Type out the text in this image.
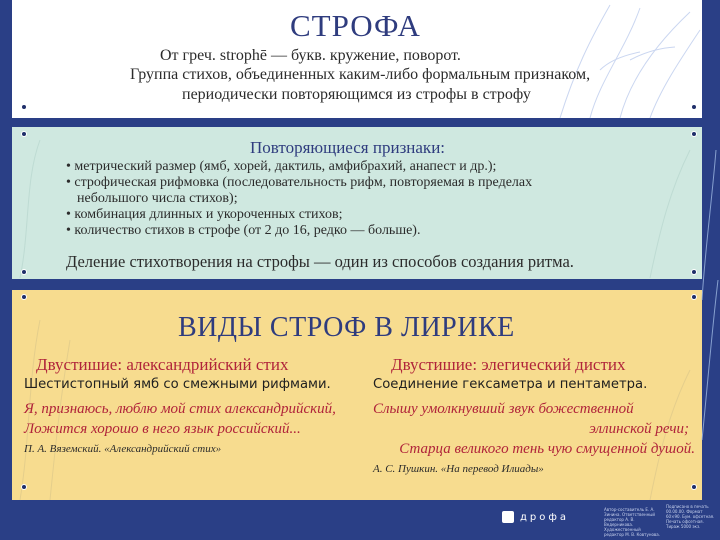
СТРОФА
От греч. strophē — букв. кружение, поворот.
Группа стихов, объединенных каким-либо формальным признаком,
периодически повторяющимся из строфы в строфу
Повторяющиеся признаки:
• метрический размер (ямб, хорей, дактиль, амфибрахий, анапест и др.);
• строфическая рифмовка (последовательность рифм, повторяемая в пределах
небольшого числа стихов);
• комбинация длинных и укороченных стихов;
• количество стихов в строфе (от 2 до 16, редко — больше).
Деление стихотворения на строфы — один из способов создания ритма.
ВИДЫ СТРОФ В ЛИРИКЕ
Двустишие: александрийский стих
Шестистопный ямб со смежными рифмами.
Я, признаюсь, люблю мой стих александрийский,
Ложится хорошо в него язык российский...
П. А. Вяземский. «Александрийский стих»
Двустишие: элегический дистих
Соединение гексаметра и пентаметра.
Слышу умолкнувший звук божественной
эллинской речи;
Старца великого тень чую смущенной душой.
А. С. Пушкин. «На перевод Илиады»
дрофа
Автор-составитель Е. А. Зинина. Ответственный редактор А. В. Ведерникова. Художественный редактор М. В. Ковтунова.
Подписано в печать 00.00.00. Формат 60×90. Бум. офсетная. Печать офсетная. Тираж 5000 экз.
